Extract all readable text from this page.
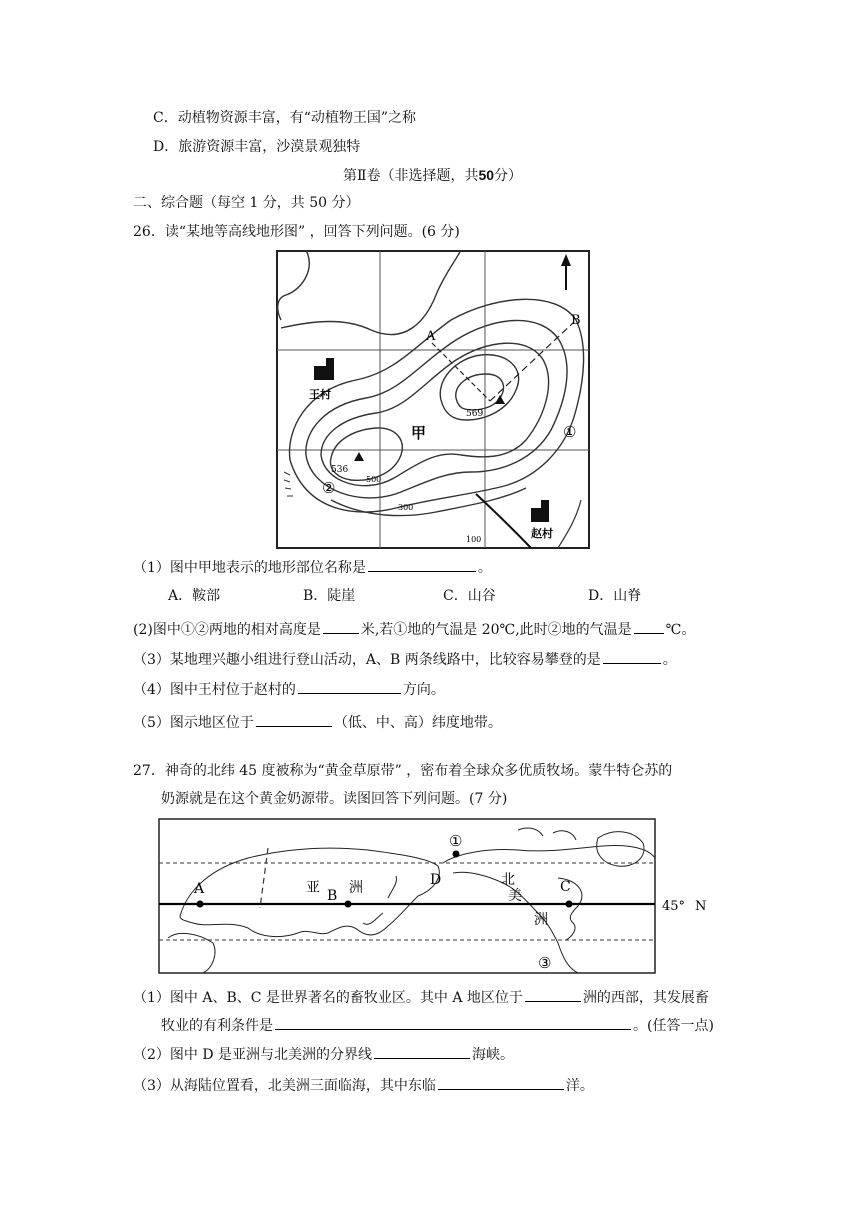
C．动植物资源丰富，有“动植物王国”之称
D．旅游资源丰富，沙漠景观独特
第Ⅱ卷（非选择题，共50分）
二、综合题（每空 1 分，共 50 分）
26．读“某地等高线地形图” ，回答下列问题。(6 分)
A
B
569
536
500
300
100
甲	①
②
王村
赵村
（1）图中甲地表示的地形部位名称是	。
A．鞍部	B．陡崖	C．山谷	D．山脊
(2)图中①②两地的相对高度是	米,若①地的气温是 20℃,此时②地的气温是 ℃。
（3）某地理兴趣小组进行登山活动，A、B 两条线路中，比较容易攀登的是	。
（4）图中王村位于赵村的	方向。
（5）图示地区位于	（低、中、高）纬度地带。
27．神奇的北纬 45 度被称为“黄金草原带” ，密布着全球众多优质牧场。蒙牛特仑苏的
奶源就是在这个黄金奶源带。读图回答下列问题。(7 分)
A	B
C
D
亚 洲	北
美
洲
①
③
45° N
（1）图中 A、B、C 是世界著名的畜牧业区。其中 A 地区位于	洲的西部，其发展畜
牧业的有利条件是	。(任答一点)
（2）图中 D 是亚洲与北美洲的分界线	海峡。
（3）从海陆位置看，北美洲三面临海，其中东临	洋。
